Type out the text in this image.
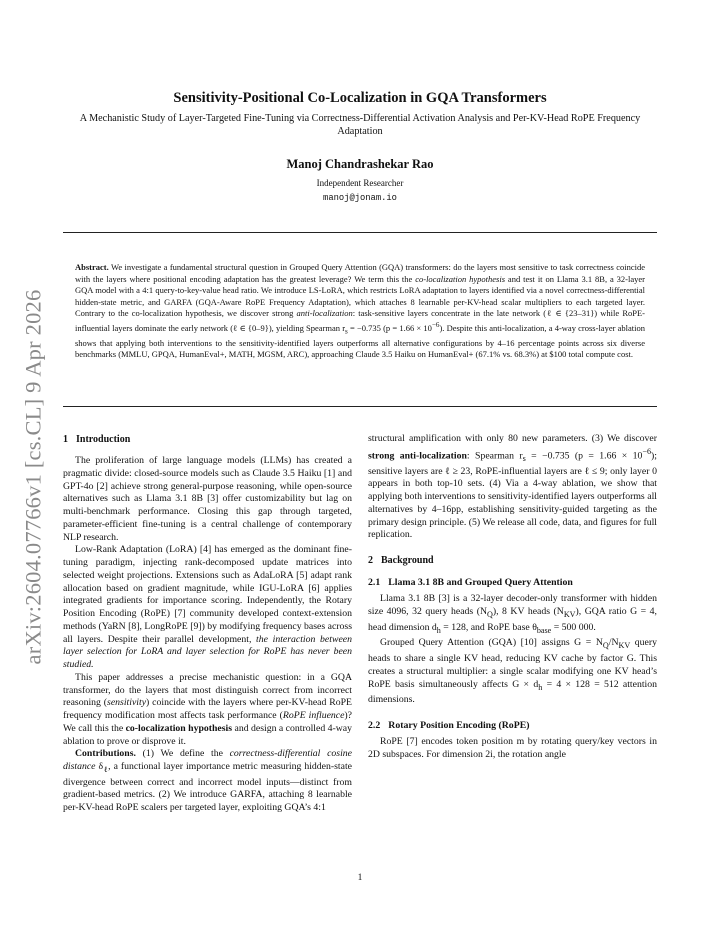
arXiv:2604.07766v1 [cs.CL] 9 Apr 2026
Sensitivity-Positional Co-Localization in GQA Transformers

A Mechanistic Study of Layer-Targeted Fine-Tuning via Correctness-Differential Activation Analysis and Per-KV-Head RoPE Frequency Adaptation

Manoj Chandrashekar Rao

Independent Researcher

manoj@jonam.io

Abstract. We investigate a fundamental structural question in Grouped Query Attention (GQA) transformers: do the layers most sensitive to task correctness coincide with the layers where positional encoding adaptation has the greatest leverage? We term this the co-localization hypothesis and test it on Llama 3.1 8B, a 32-layer GQA model with a 4:1 query-to-key-value head ratio. We introduce LS-LoRA, which restricts LoRA adaptation to layers identified via a novel correctness-differential hidden-state metric, and GARFA (GQA-Aware RoPE Frequency Adaptation), which attaches 8 learnable per-KV-head scalar multipliers to each targeted layer. Contrary to the co-localization hypothesis, we discover strong anti-localization: task-sensitive layers concentrate in the late network (ℓ ∈ {23–31}) while RoPE-influential layers dominate the early network (ℓ ∈ {0–9}), yielding Spearman $r_s = -0.735$ $(p = 1.66 \times 10^{-6})$. Despite this anti-localization, a 4-way cross-layer ablation shows that applying both interventions to the sensitivity-identified layers outperforms all alternative configurations by 4–16 percentage points across six diverse benchmarks (MMLU, GPQA, HumanEval+, MATH, MGSM, ARC), approaching Claude 3.5 Haiku on HumanEval+ (67.1% vs. 68.3%) at $100 total compute cost.

1 Introduction

The proliferation of large language models (LLMs) has created a pragmatic divide: closed-source models such as Claude 3.5 Haiku [1] and GPT-4o [2] achieve strong general-purpose reasoning, while open-source alternatives such as Llama 3.1 8B [3] offer customizability but lag on multi-benchmark performance. Closing this gap through targeted, parameter-efficient fine-tuning is a central challenge of contemporary NLP research.

Low-Rank Adaptation (LoRA) [4] has emerged as the dominant fine-tuning paradigm, injecting rank-decomposed update matrices into selected weight projections. Extensions such as AdaLoRA [5] adapt rank allocation based on gradient magnitude, while IGU-LoRA [6] applies integrated gradients for importance scoring. Independently, the Rotary Position Encoding (RoPE) [7] community developed context-extension methods (YaRN [8], LongRoPE [9]) by modifying frequency bases across all layers. Despite their parallel development, the interaction between layer selection for LoRA and layer selection for RoPE has never been studied.

This paper addresses a precise mechanistic question: in a GQA transformer, do the layers that most distinguish correct from incorrect reasoning (sensitivity) coincide with the layers where per-KV-head RoPE frequency modification most affects task performance (RoPE influence)? We call this the co-localization hypothesis and design a controlled 4-way ablation to prove or disprove it.

Contributions. (1) We define the correctness-differential cosine distance $\delta_\ell$, a functional layer importance metric measuring hidden-state divergence between correct and incorrect model inputs—distinct from gradient-based metrics. (2) We introduce GARFA, attaching 8 learnable per-KV-head RoPE scalers per targeted layer, exploiting GQA’s 4:1

structural amplification with only 80 new parameters. (3) We discover strong anti-localization: Spearman $r_s = -0.735$ $(p = 1.66 \times 10^{-6})$; sensitive layers are ℓ ≥ 23, RoPE-influential layers are ℓ ≤ 9; only layer 0 appears in both top-10 sets. (4) Via a 4-way ablation, we show that applying both interventions to sensitivity-identified layers outperforms all alternatives by 4–16pp, establishing sensitivity-guided targeting as the primary design principle. (5) We release all code, data, and figures for full replication.

2 Background
2.1 Llama 3.1 8B and Grouped Query Attention

Llama 3.1 8B [3] is a 32-layer decoder-only transformer with hidden size 4096, 32 query heads $(N_Q)$, 8 KV heads $(N_{KV})$, GQA ratio G = 4, head dimension $d_h = 128$, and RoPE base $\theta_{base} = 500$ 000.

Grouped Query Attention (GQA) [10] assigns $G = N_Q/N_{KV}$ query heads to share a single KV head, reducing KV cache by factor G. This creates a structural multiplier: a single scalar modifying one KV head’s RoPE basis simultaneously affects $G \times d_h = 4 \times 128 = 512$ attention dimensions.

2.2 Rotary Position Encoding (RoPE)

RoPE [7] encodes token position m by rotating query/key vectors in 2D subspaces. For dimension 2i, the rotation angle

1
